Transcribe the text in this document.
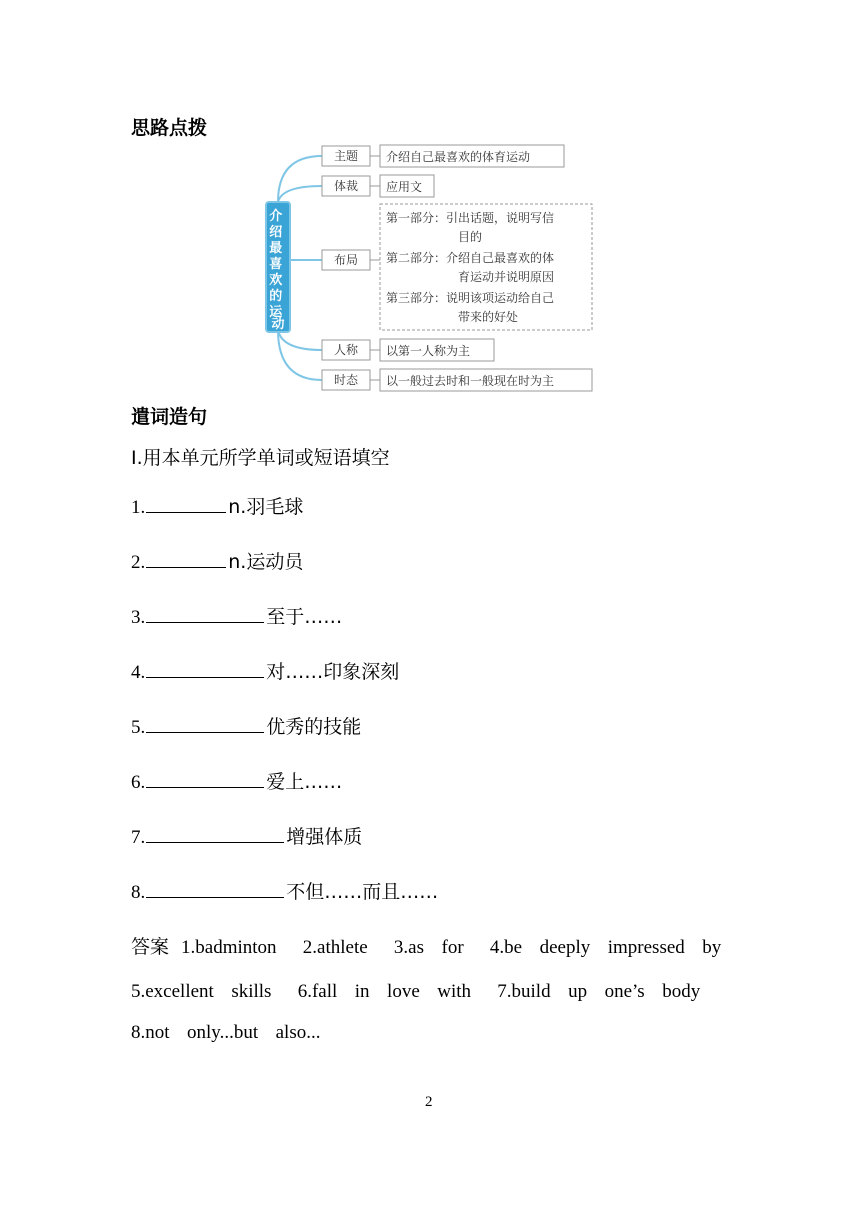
思路点拨
介 绍 最 喜 欢 的 运 动
主题
体裁
布局
人称
时态
介绍自己最喜欢的体育运动
应用文
第一部分：引出话题，说明写信
目的
第二部分：介绍自己最喜欢的体
育运动并说明原因
第三部分：说明该项运动给自己
带来的好处
以第一人称为主
以一般过去时和一般现在时为主
遣词造句
Ⅰ.用本单元所学单词或短语填空
1.	n.羽毛球
2.	n.运动员
3.	至于……
4.	对……印象深刻
5.	优秀的技能
6.	爱上……
7.	增强体质
8.	不但……而且……
答案 1.badminton   2.athlete   3.as  for   4.be  deeply  impressed  by
5.excellent  skills   6.fall  in  love  with   7.build  up  one’s  body
8.not  only...but  also...
2
